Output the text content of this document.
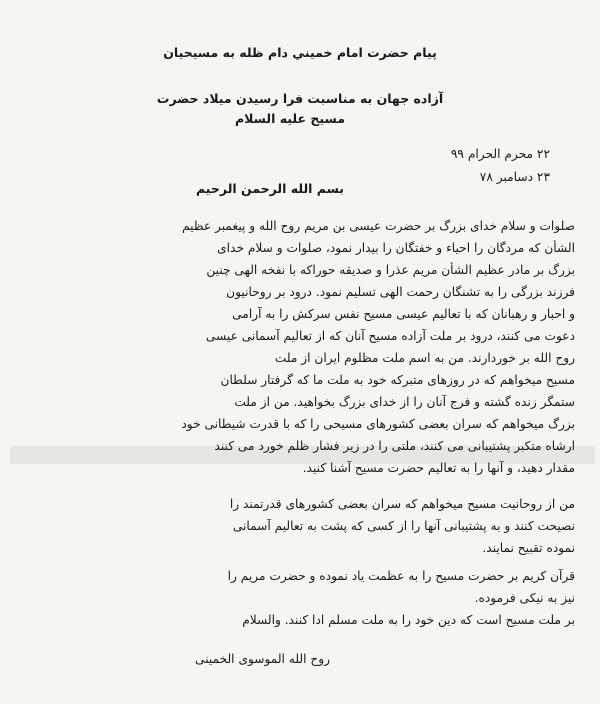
پيام حضرت امام خميني دام ظله به مسيحيان
آزاده جهان به مناسبت فرا رسيدن ميلاد حضرت
مسيح عليه السلام
۲۲ محرم الحرام ۹۹
۲۳ دسامبر ۷۸
بسم الله الرحمن الرحيم
صلوات و سلام خداى بزرگ بر حضرت عيسى بن مريم روح الله و پيغمبر عظيم
الشأن كه مردگان را احياء و خفتگان را بيدار نمود، صلوات و سلام خداى
بزرگ بر مادر عظيم الشأن مريم عذرا و صديقه حوراكه با نفخه الهى چنين
فرزند بزرگى را به تشنگان رحمت الهى تسليم نمود. درود بر روحانيون
و احبار و رهبانان كه با تعاليم عيسى مسيح نفس سركش را به آرامى
دعوت مى كنند، درود بر ملت آزاده مسيح آنان كه از تعاليم آسمانى عيسى
روح الله بر خوردارند. من به اسم ملت مظلوم ايران از ملت
مسيح ميخواهم كه در روزهاى متبركه خود به ملت ما كه گرفتار سلطان
ستمگر زنده گشته و فرج آنان را از خداى بزرگ بخواهيد. من از ملت
بزرگ ميخواهم كه سران بعضى كشورهاى مسيحى را كه با قدرت شيطانى خود
ارشاه متكبر پشتيبانى مى كنند، ملتى را در زير فشار ظلم خورد مى كنند
مقدار دهيد، و آنها را به تعاليم حضرت مسيح آشنا كنيد.
من از روحانيت مسيح ميخواهم كه سران بعضى كشورهاى قدرتمند را
نصيحت كنند و به پشتيبانى آنها را از كسى كه پشت به تعاليم آسمانى
نموده تقبيح نمايند.
قرآن كريم بر حضرت مسيح را به عظمت ياد نموده و حضرت مريم را
نيز به نيكى فرموده.
بر ملت مسيح است كه دين خود را به ملت مسلم ادا كنند. والسلام
روح الله الموسوى الخمينى
